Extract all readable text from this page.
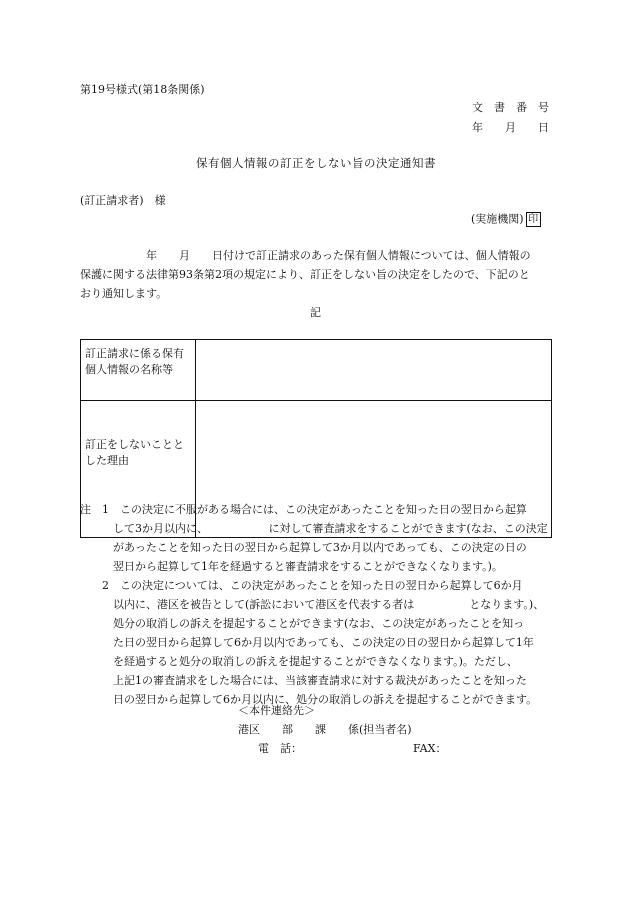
第19号様式(第18条関係)
文　書　番　号
年　　月　　日
保有個人情報の訂正をしない旨の決定通知書
(訂正請求者)　様
(実施機関) 印
　　　　　　年　　月　　日付けで訂正請求のあった保有個人情報については、個人情報の
保護に関する法律第93条第2項の規定により、訂正をしない旨の決定をしたので、下記のと
おり通知します。
記
訂正請求に係る保有個人情報の名称等	
訂正をしないこととした理由	
注　1　この決定に不服がある場合には、この決定があったことを知った日の翌日から起算
　　　して3か月以内に、　　　　　　に対して審査請求をすることができます(なお、この決定
　　　があったことを知った日の翌日から起算して3か月以内であっても、この決定の日の
　　　翌日から起算して1年を経過すると審査請求をすることができなくなります。)。
　　2　この決定については、この決定があったことを知った日の翌日から起算して6か月
　　　以内に、港区を被告として(訴訟において港区を代表する者は　　　　　となります。)、
　　　処分の取消しの訴えを提起することができます(なお、この決定があったことを知っ
　　　た日の翌日から起算して6か月以内であっても、この決定の日の翌日から起算して1年
　　　を経過すると処分の取消しの訴えを提起することができなくなります。)。ただし、
　　　上記1の審査請求をした場合には、当該審査請求に対する裁決があったことを知った
　　　日の翌日から起算して6か月以内に、処分の取消しの訴えを提起することができます。
＜本件連絡先＞
港区　　部　　課　　係(担当者名)
電　話：	FAX：
